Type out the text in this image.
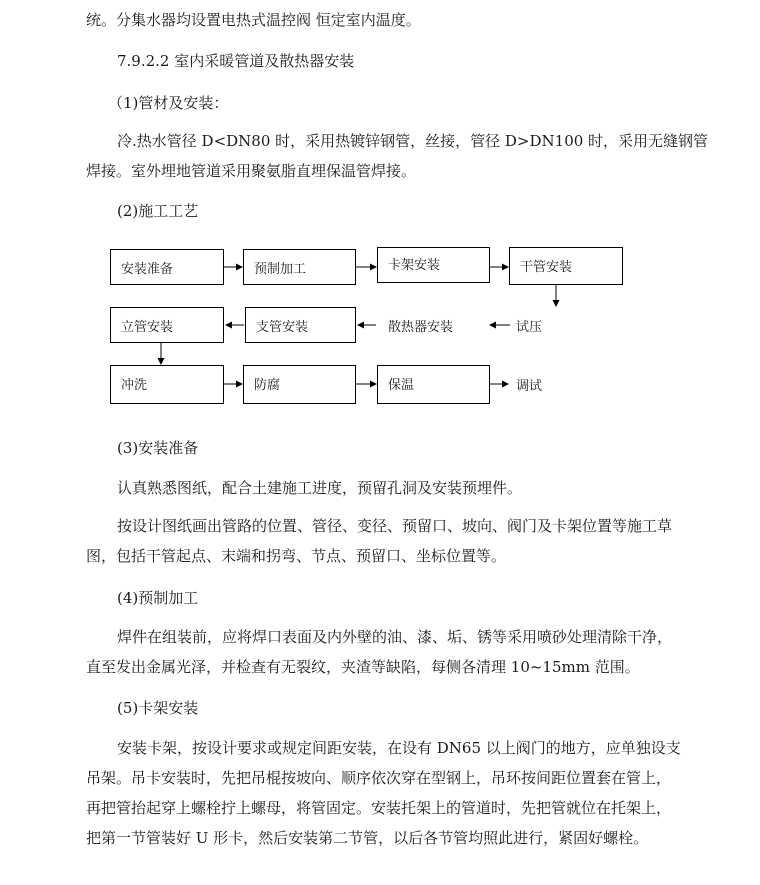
统。分集水器均设置电热式温控阀 恒定室内温度。
7.9.2.2 室内采暖管道及散热器安装
（1)管材及安装：
冷.热水管径 D<DN80 时，采用热镀锌钢管，丝接，管径 D>DN100 时，采用无缝钢管
焊接。室外埋地管道采用聚氨脂直埋保温管焊接。
(2)施工工艺
安装准备	预制加工	卡架安装	干管安装
立管安装	支管安装	散热器安装	试压
冲洗	防腐	保温	调试
(3)安装准备
认真熟悉图纸，配合土建施工进度，预留孔洞及安装预埋件。
按设计图纸画出管路的位置、管径、变径、预留口、坡向、阀门及卡架位置等施工草
图，包括干管起点、末端和拐弯、节点、预留口、坐标位置等。
(4)预制加工
焊件在组装前，应将焊口表面及内外壁的油、漆、垢、锈等采用喷砂处理清除干净，
直至发出金属光泽，并检查有无裂纹，夹渣等缺陷，每侧各清理 10~15mm 范围。
(5)卡架安装
安装卡架，按设计要求或规定间距安装，在设有 DN65 以上阀门的地方，应单独设支
吊架。吊卡安装时，先把吊棍按坡向、顺序依次穿在型钢上，吊环按间距位置套在管上，
再把管抬起穿上螺栓拧上螺母，将管固定。安装托架上的管道时，先把管就位在托架上，
把第一节管装好 U 形卡，然后安装第二节管，以后各节管均照此进行，紧固好螺栓。
